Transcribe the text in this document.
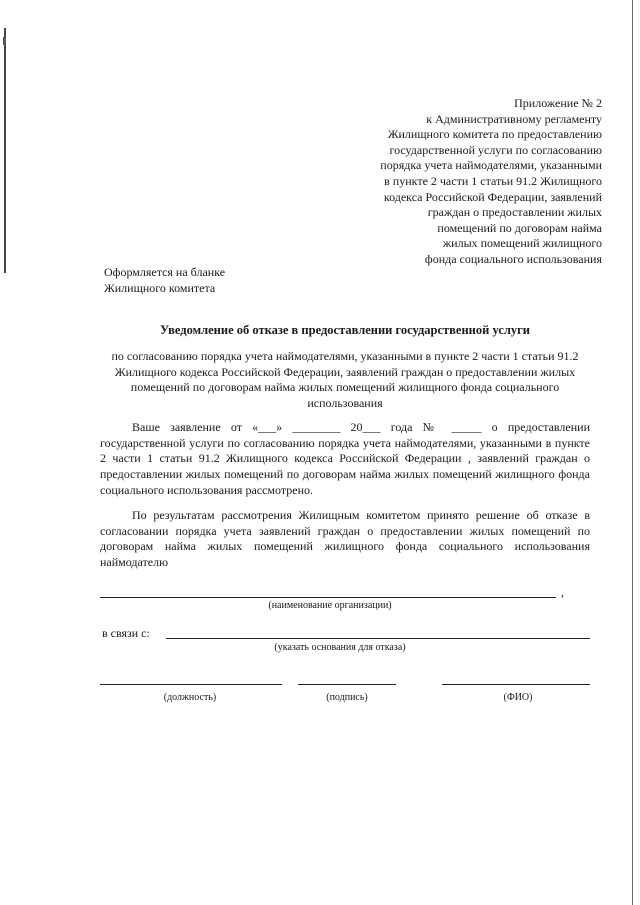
Приложение № 2
к Административному регламенту
Жилищного комитета по предоставлению
государственной услуги по согласованию
порядка учета наймодателями, указанными
в пункте 2 части 1 статьи 91.2 Жилищного
кодекса Российской Федерации, заявлений
граждан о предоставлении жилых
помещений по договорам найма
жилых помещений жилищного
фонда социального использования
Оформляется на бланке
Жилищного комитета
Уведомление об отказе в предоставлении государственной услуги
по согласованию порядка учета наймодателями, указанными в пункте 2 части 1 статьи 91.2 Жилищного кодекса Российской Федерации, заявлений граждан о предоставлении жилых помещений по договорам найма жилых помещений жилищного фонда социального использования
Ваше заявление от «___» ________ 20___ года № _____ о предоставлении государственной услуги по согласованию порядка учета наймодателями, указанными в пункте 2 части 1 статьи 91.2 Жилищного кодекса Российской Федерации , заявлений граждан о предоставлении жилых помещений по договорам найма жилых помещений жилищного фонда социального использования рассмотрено.
По результатам рассмотрения Жилищным комитетом принято решение об отказе в согласовании порядка учета заявлений граждан о предоставлении жилых помещений по договорам найма жилых помещений жилищного фонда социального использования наймодателю
,
(наименование организации)
в связи с:
(указать основания для отказа)
(должность)	(подпись)	(ФИО)
